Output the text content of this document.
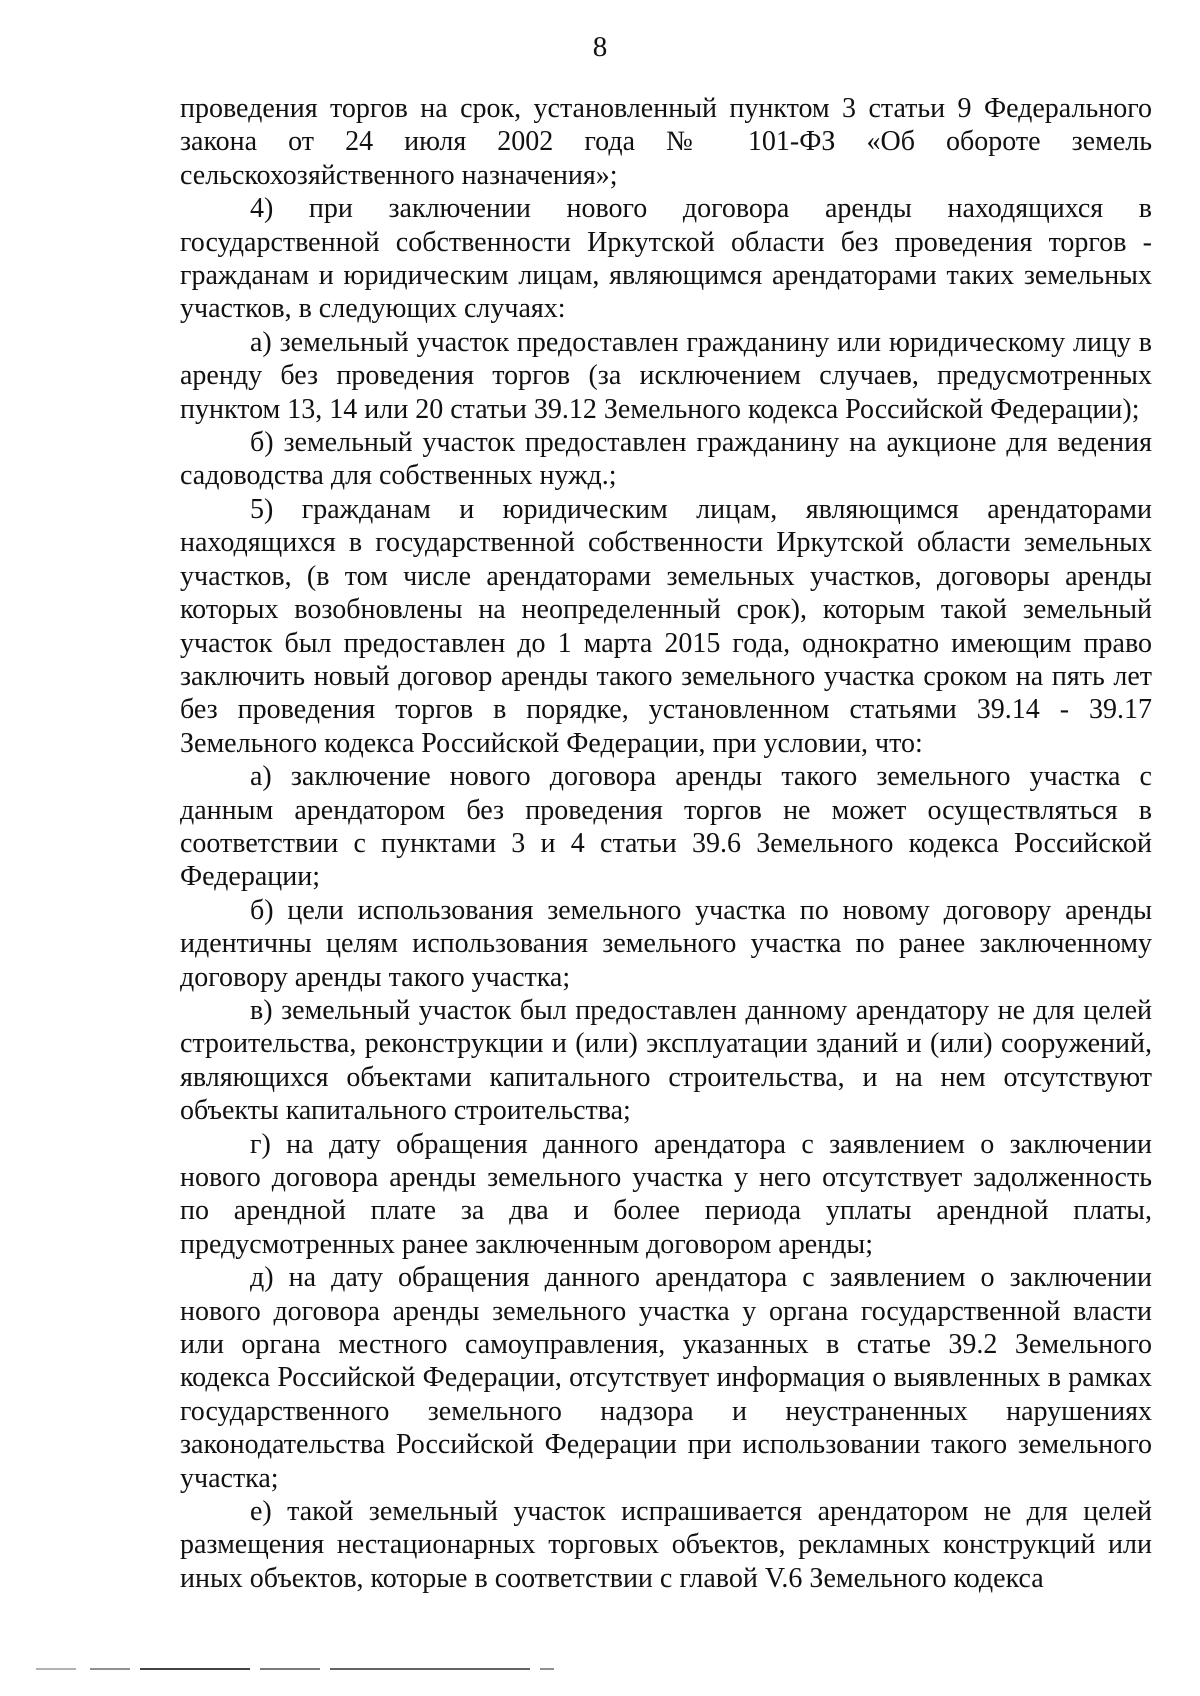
8

проведения торгов на срок, установленный пунктом 3 статьи 9 Федерального закона от 24 июля 2002 года № 101-ФЗ «Об обороте земель сельскохозяйственного назначения»;

4) при заключении нового договора аренды находящихся в государственной собственности Иркутской области без проведения торгов - гражданам и юридическим лицам, являющимся арендаторами таких земельных участков, в следующих случаях:

а) земельный участок предоставлен гражданину или юридическому лицу в аренду без проведения торгов (за исключением случаев, предусмотренных пунктом 13, 14 или 20 статьи 39.12 Земельного кодекса Российской Федерации);

б) земельный участок предоставлен гражданину на аукционе для ведения садоводства для собственных нужд.;

5) гражданам и юридическим лицам, являющимся арендаторами находящихся в государственной собственности Иркутской области земельных участков, (в том числе арендаторами земельных участков, договоры аренды которых возобновлены на неопределенный срок), которым такой земельный участок был предоставлен до 1 марта 2015 года, однократно имеющим право заключить новый договор аренды такого земельного участка сроком на пять лет без проведения торгов в порядке, установленном статьями 39.14 - 39.17 Земельного кодекса Российской Федерации, при условии, что:

а) заключение нового договора аренды такого земельного участка с данным арендатором без проведения торгов не может осуществляться в соответствии с пунктами 3 и 4 статьи 39.6 Земельного кодекса Российской Федерации;

б) цели использования земельного участка по новому договору аренды идентичны целям использования земельного участка по ранее заключенному договору аренды такого участка;

в) земельный участок был предоставлен данному арендатору не для целей строительства, реконструкции и (или) эксплуатации зданий и (или) сооружений, являющихся объектами капитального строительства, и на нем отсутствуют объекты капитального строительства;

г) на дату обращения данного арендатора с заявлением о заключении нового договора аренды земельного участка у него отсутствует задолженность по арендной плате за два и более периода уплаты арендной платы, предусмотренных ранее заключенным договором аренды;

д) на дату обращения данного арендатора с заявлением о заключении нового договора аренды земельного участка у органа государственной власти или органа местного самоуправления, указанных в статье 39.2 Земельного кодекса Российской Федерации, отсутствует информация о выявленных в рамках государственного земельного надзора и неустраненных нарушениях законодательства Российской Федерации при использовании такого земельного участка;

е) такой земельный участок испрашивается арендатором не для целей размещения нестационарных торговых объектов, рекламных конструкций или иных объектов, которые в соответствии с главой V.6 Земельного кодекса
